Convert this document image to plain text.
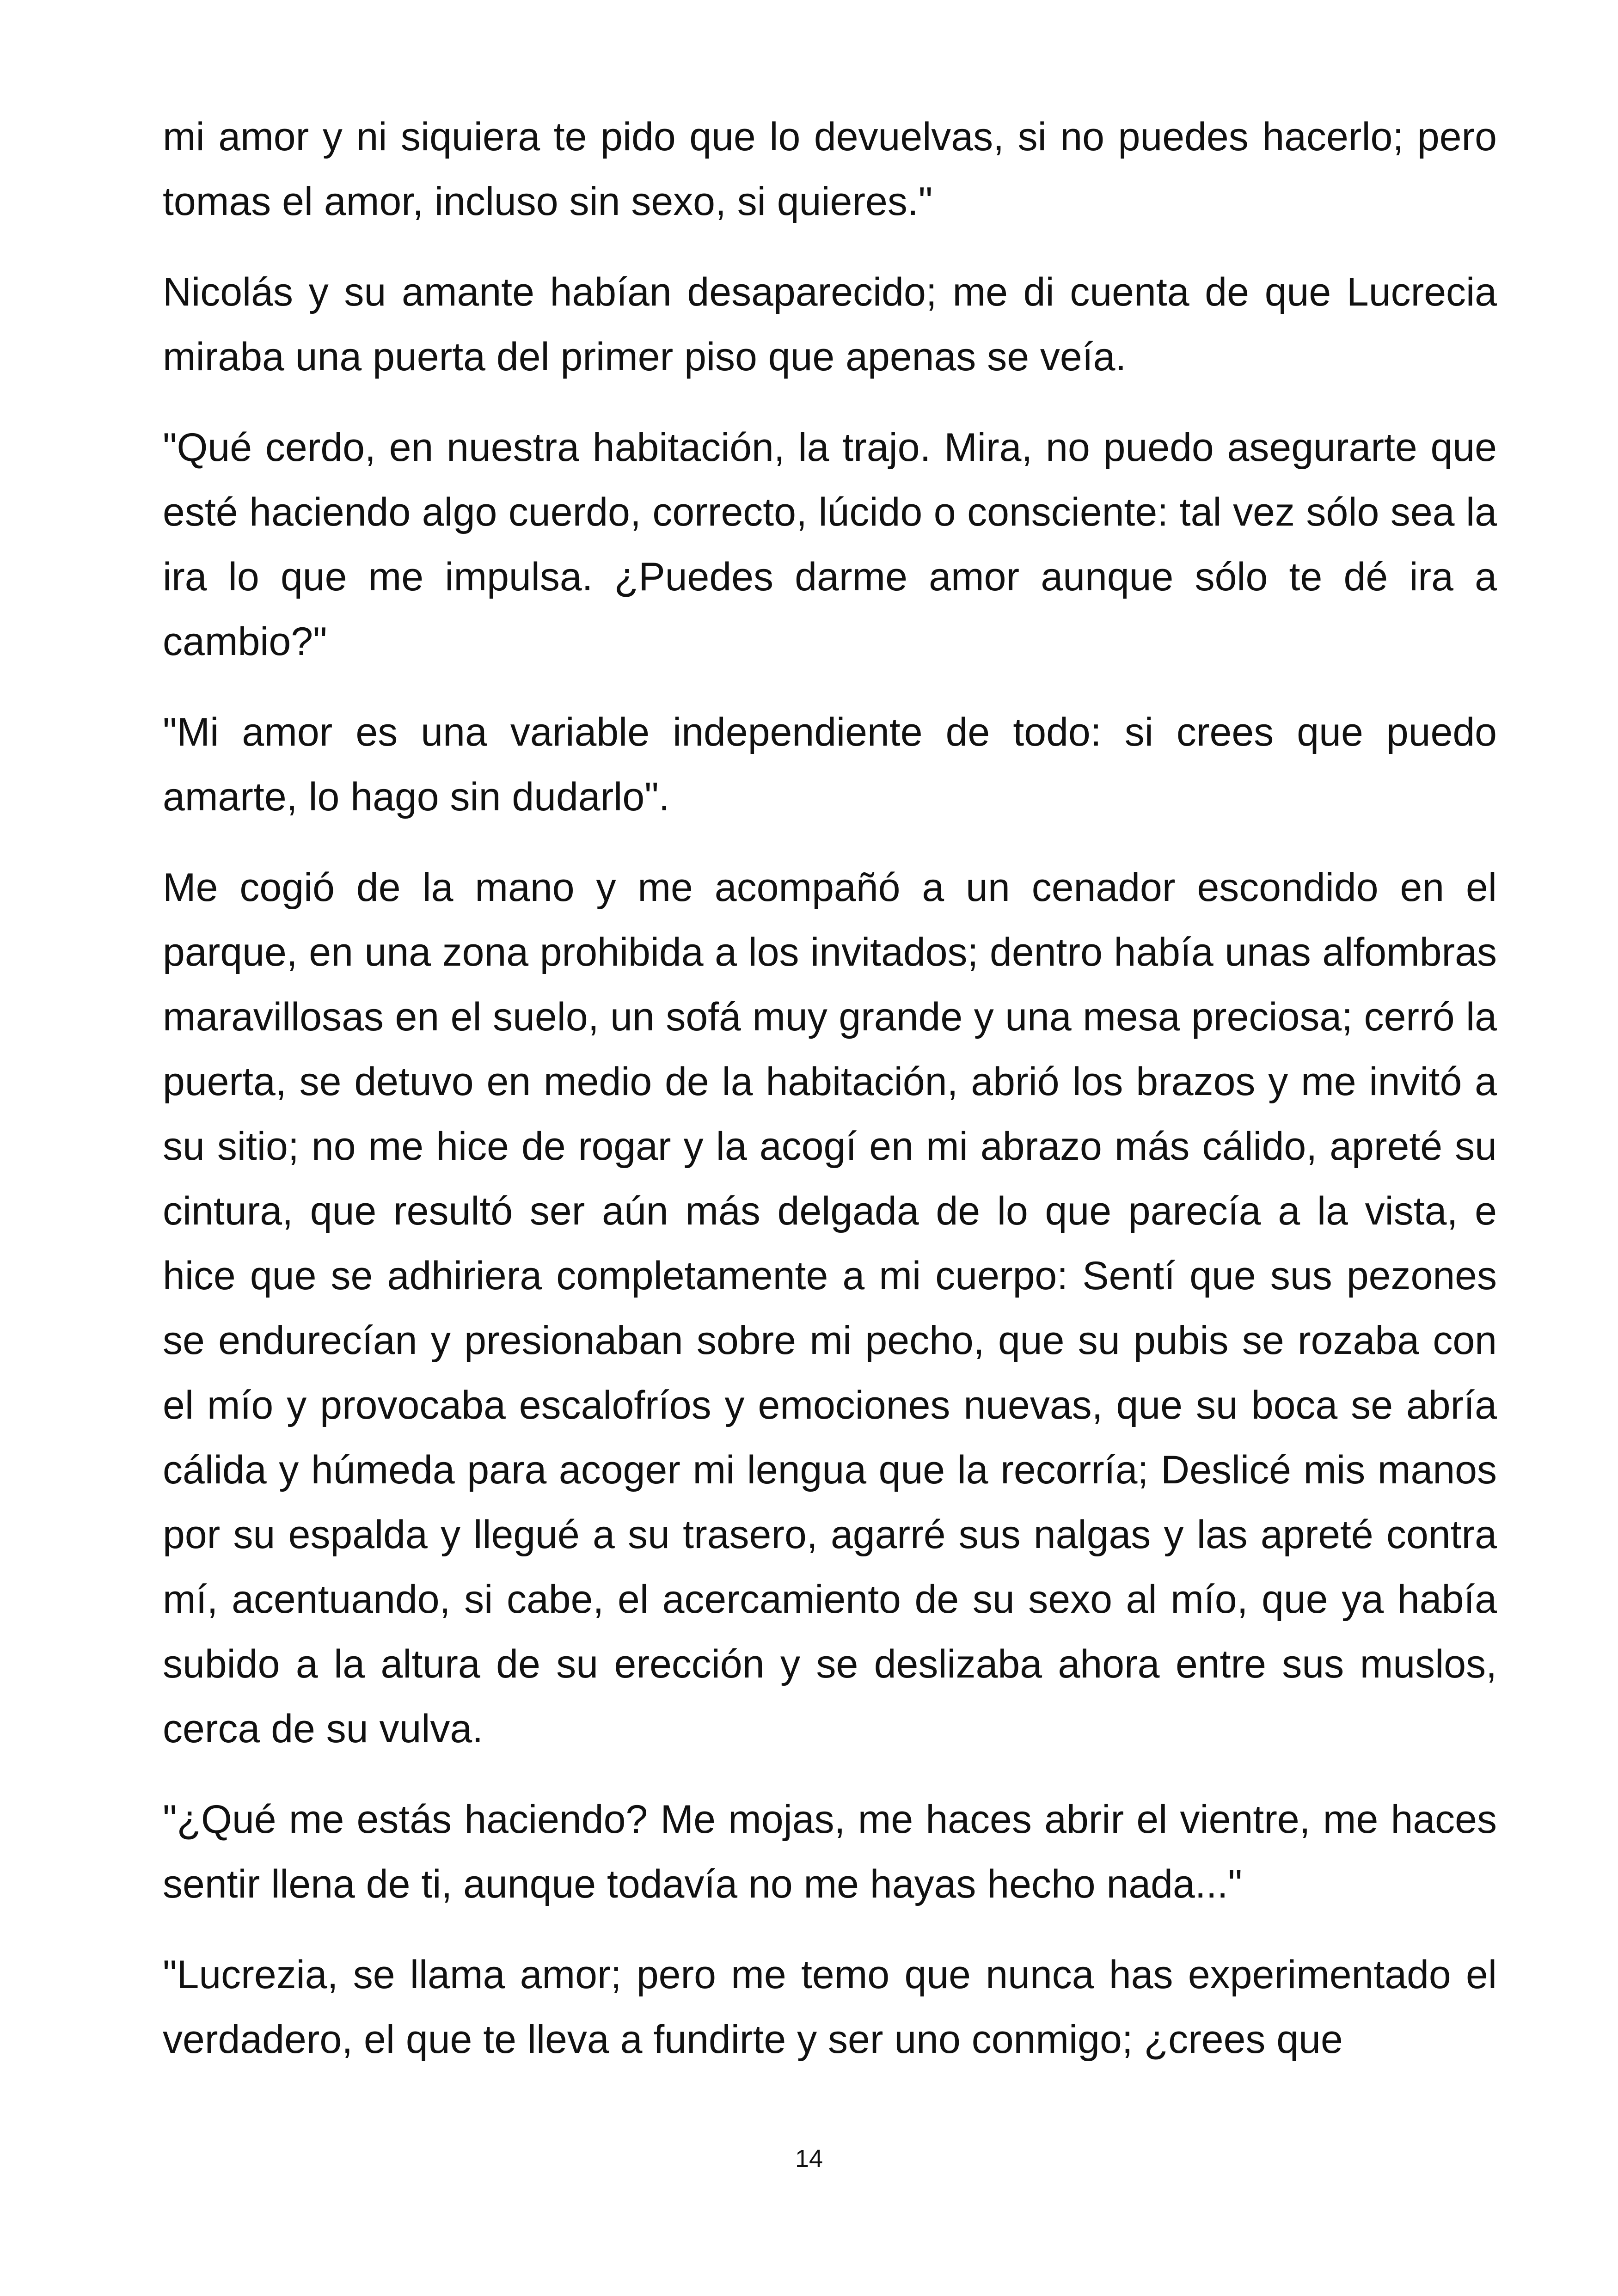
mi amor y ni siquiera te pido que lo devuelvas, si no puedes hacerlo; pero tomas el amor, incluso sin sexo, si quieres."

Nicolás y su amante habían desaparecido; me di cuenta de que Lucrecia miraba una puerta del primer piso que apenas se veía.

"Qué cerdo, en nuestra habitación, la trajo. Mira, no puedo asegurarte que esté haciendo algo cuerdo, correcto, lúcido o consciente: tal vez sólo sea la ira lo que me impulsa. ¿Puedes darme amor aunque sólo te dé ira a cambio?"

"Mi amor es una variable independiente de todo: si crees que puedo amarte, lo hago sin dudarlo".

Me cogió de la mano y me acompañó a un cenador escondido en el parque, en una zona prohibida a los invitados; dentro había unas alfombras maravillosas en el suelo, un sofá muy grande y una mesa preciosa; cerró la puerta, se detuvo en medio de la habitación, abrió los brazos y me invitó a su sitio; no me hice de rogar y la acogí en mi abrazo más cálido, apreté su cintura, que resultó ser aún más delgada de lo que parecía a la vista, e hice que se adhiriera completamente a mi cuerpo: Sentí que sus pezones se endurecían y presionaban sobre mi pecho, que su pubis se rozaba con el mío y provocaba escalofríos y emociones nuevas, que su boca se abría cálida y húmeda para acoger mi lengua que la recorría; Deslicé mis manos por su espalda y llegué a su trasero, agarré sus nalgas y las apreté contra mí, acentuando, si cabe, el acercamiento de su sexo al mío, que ya había subido a la altura de su erección y se deslizaba ahora entre sus muslos, cerca de su vulva.

"¿Qué me estás haciendo? Me mojas, me haces abrir el vientre, me haces sentir llena de ti, aunque todavía no me hayas hecho nada..."

"Lucrezia, se llama amor; pero me temo que nunca has experimentado el verdadero, el que te lleva a fundirte y ser uno conmigo; ¿crees que

14
